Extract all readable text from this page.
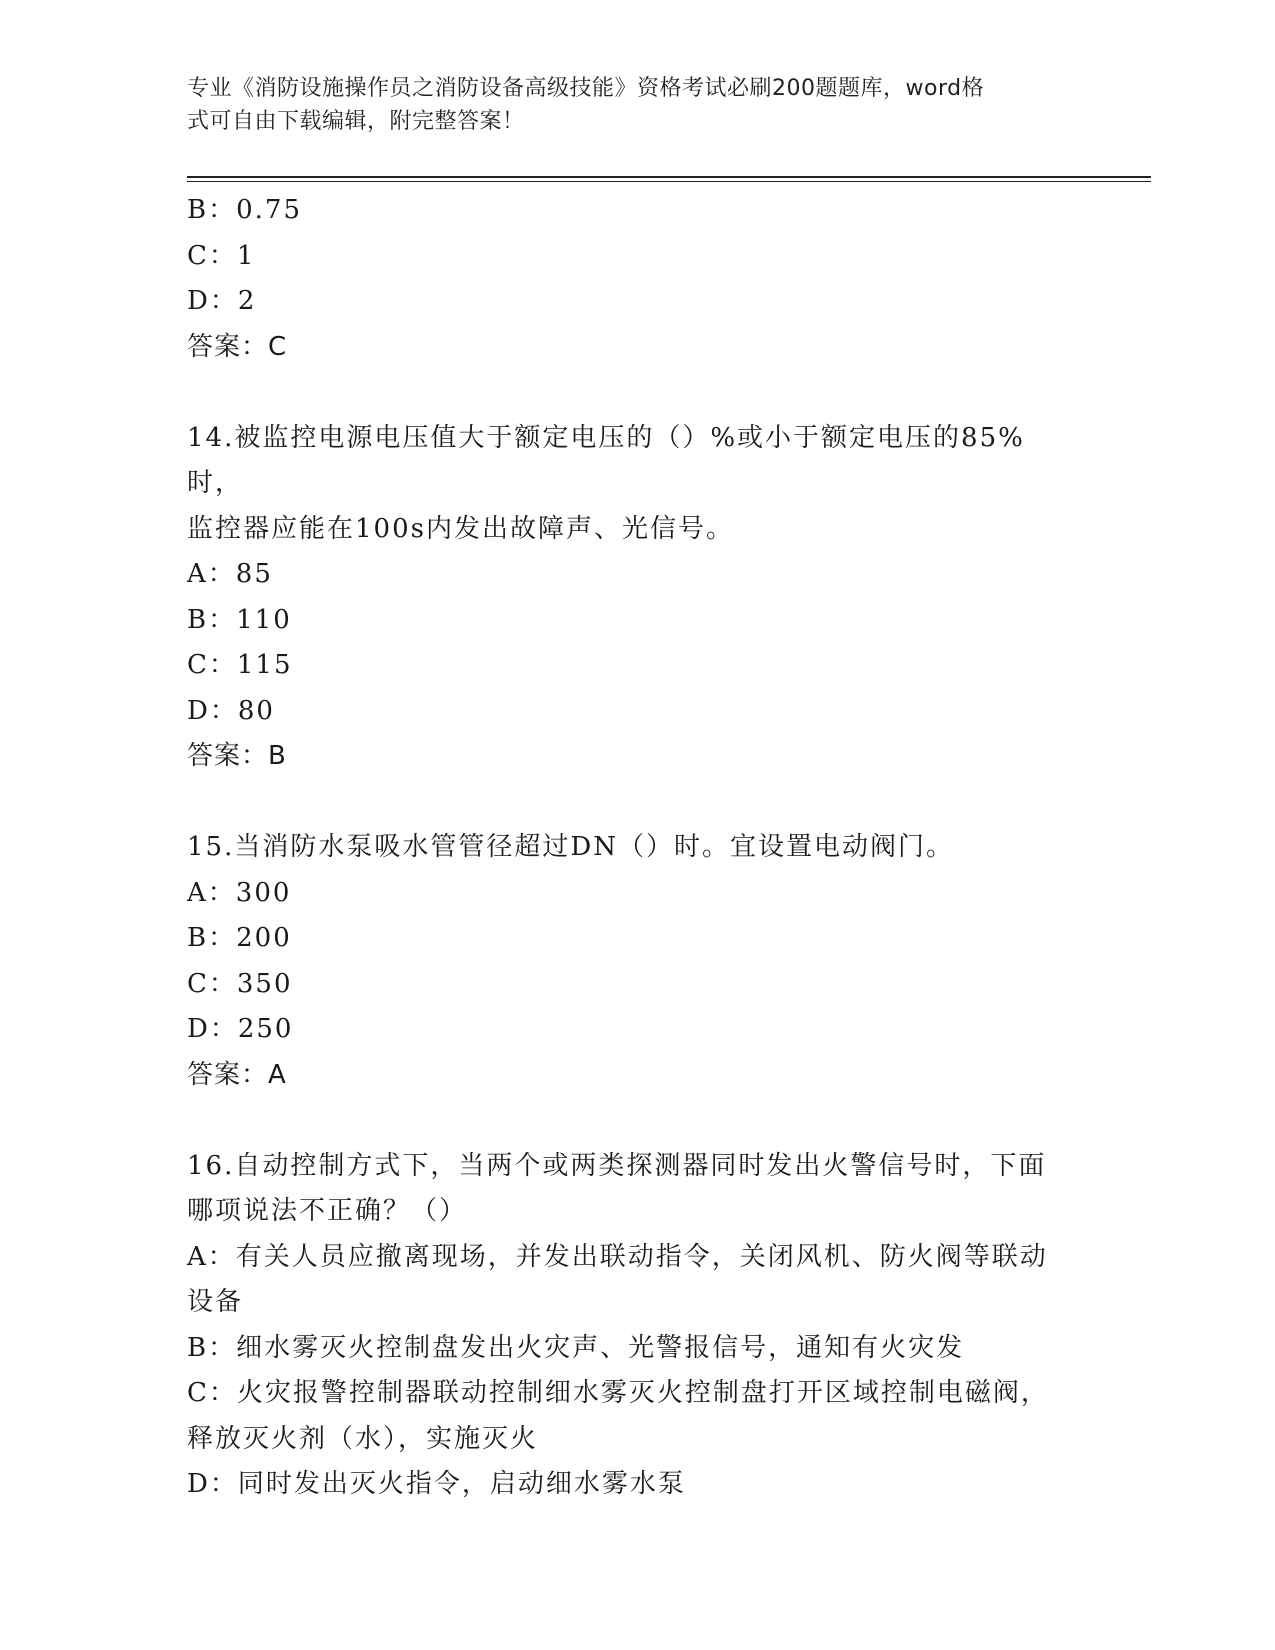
专业《消防设施操作员之消防设备高级技能》资格考试必刷200题题库，word格
式可自由下载编辑，附完整答案！
B：0.75
C：1
D：2
答案：C
14.被监控电源电压值大于额定电压的（）%或小于额定电压的85%时，
监控器应能在100s内发出故障声、光信号。
A：85
B：110
C：115
D：80
答案：B
15.当消防水泵吸水管管径超过DN（）时。宜设置电动阀门。
A：300
B：200
C：350
D：250
答案：A
16.自动控制方式下，当两个或两类探测器同时发出火警信号时，下面
哪项说法不正确？（）
A：有关人员应撤离现场，并发出联动指令，关闭风机、防火阀等联动
设备
B：细水雾灭火控制盘发出火灾声、光警报信号，通知有火灾发
C：火灾报警控制器联动控制细水雾灭火控制盘打开区域控制电磁阀，
释放灭火剂（水），实施灭火
D：同时发出灭火指令，启动细水雾水泵
